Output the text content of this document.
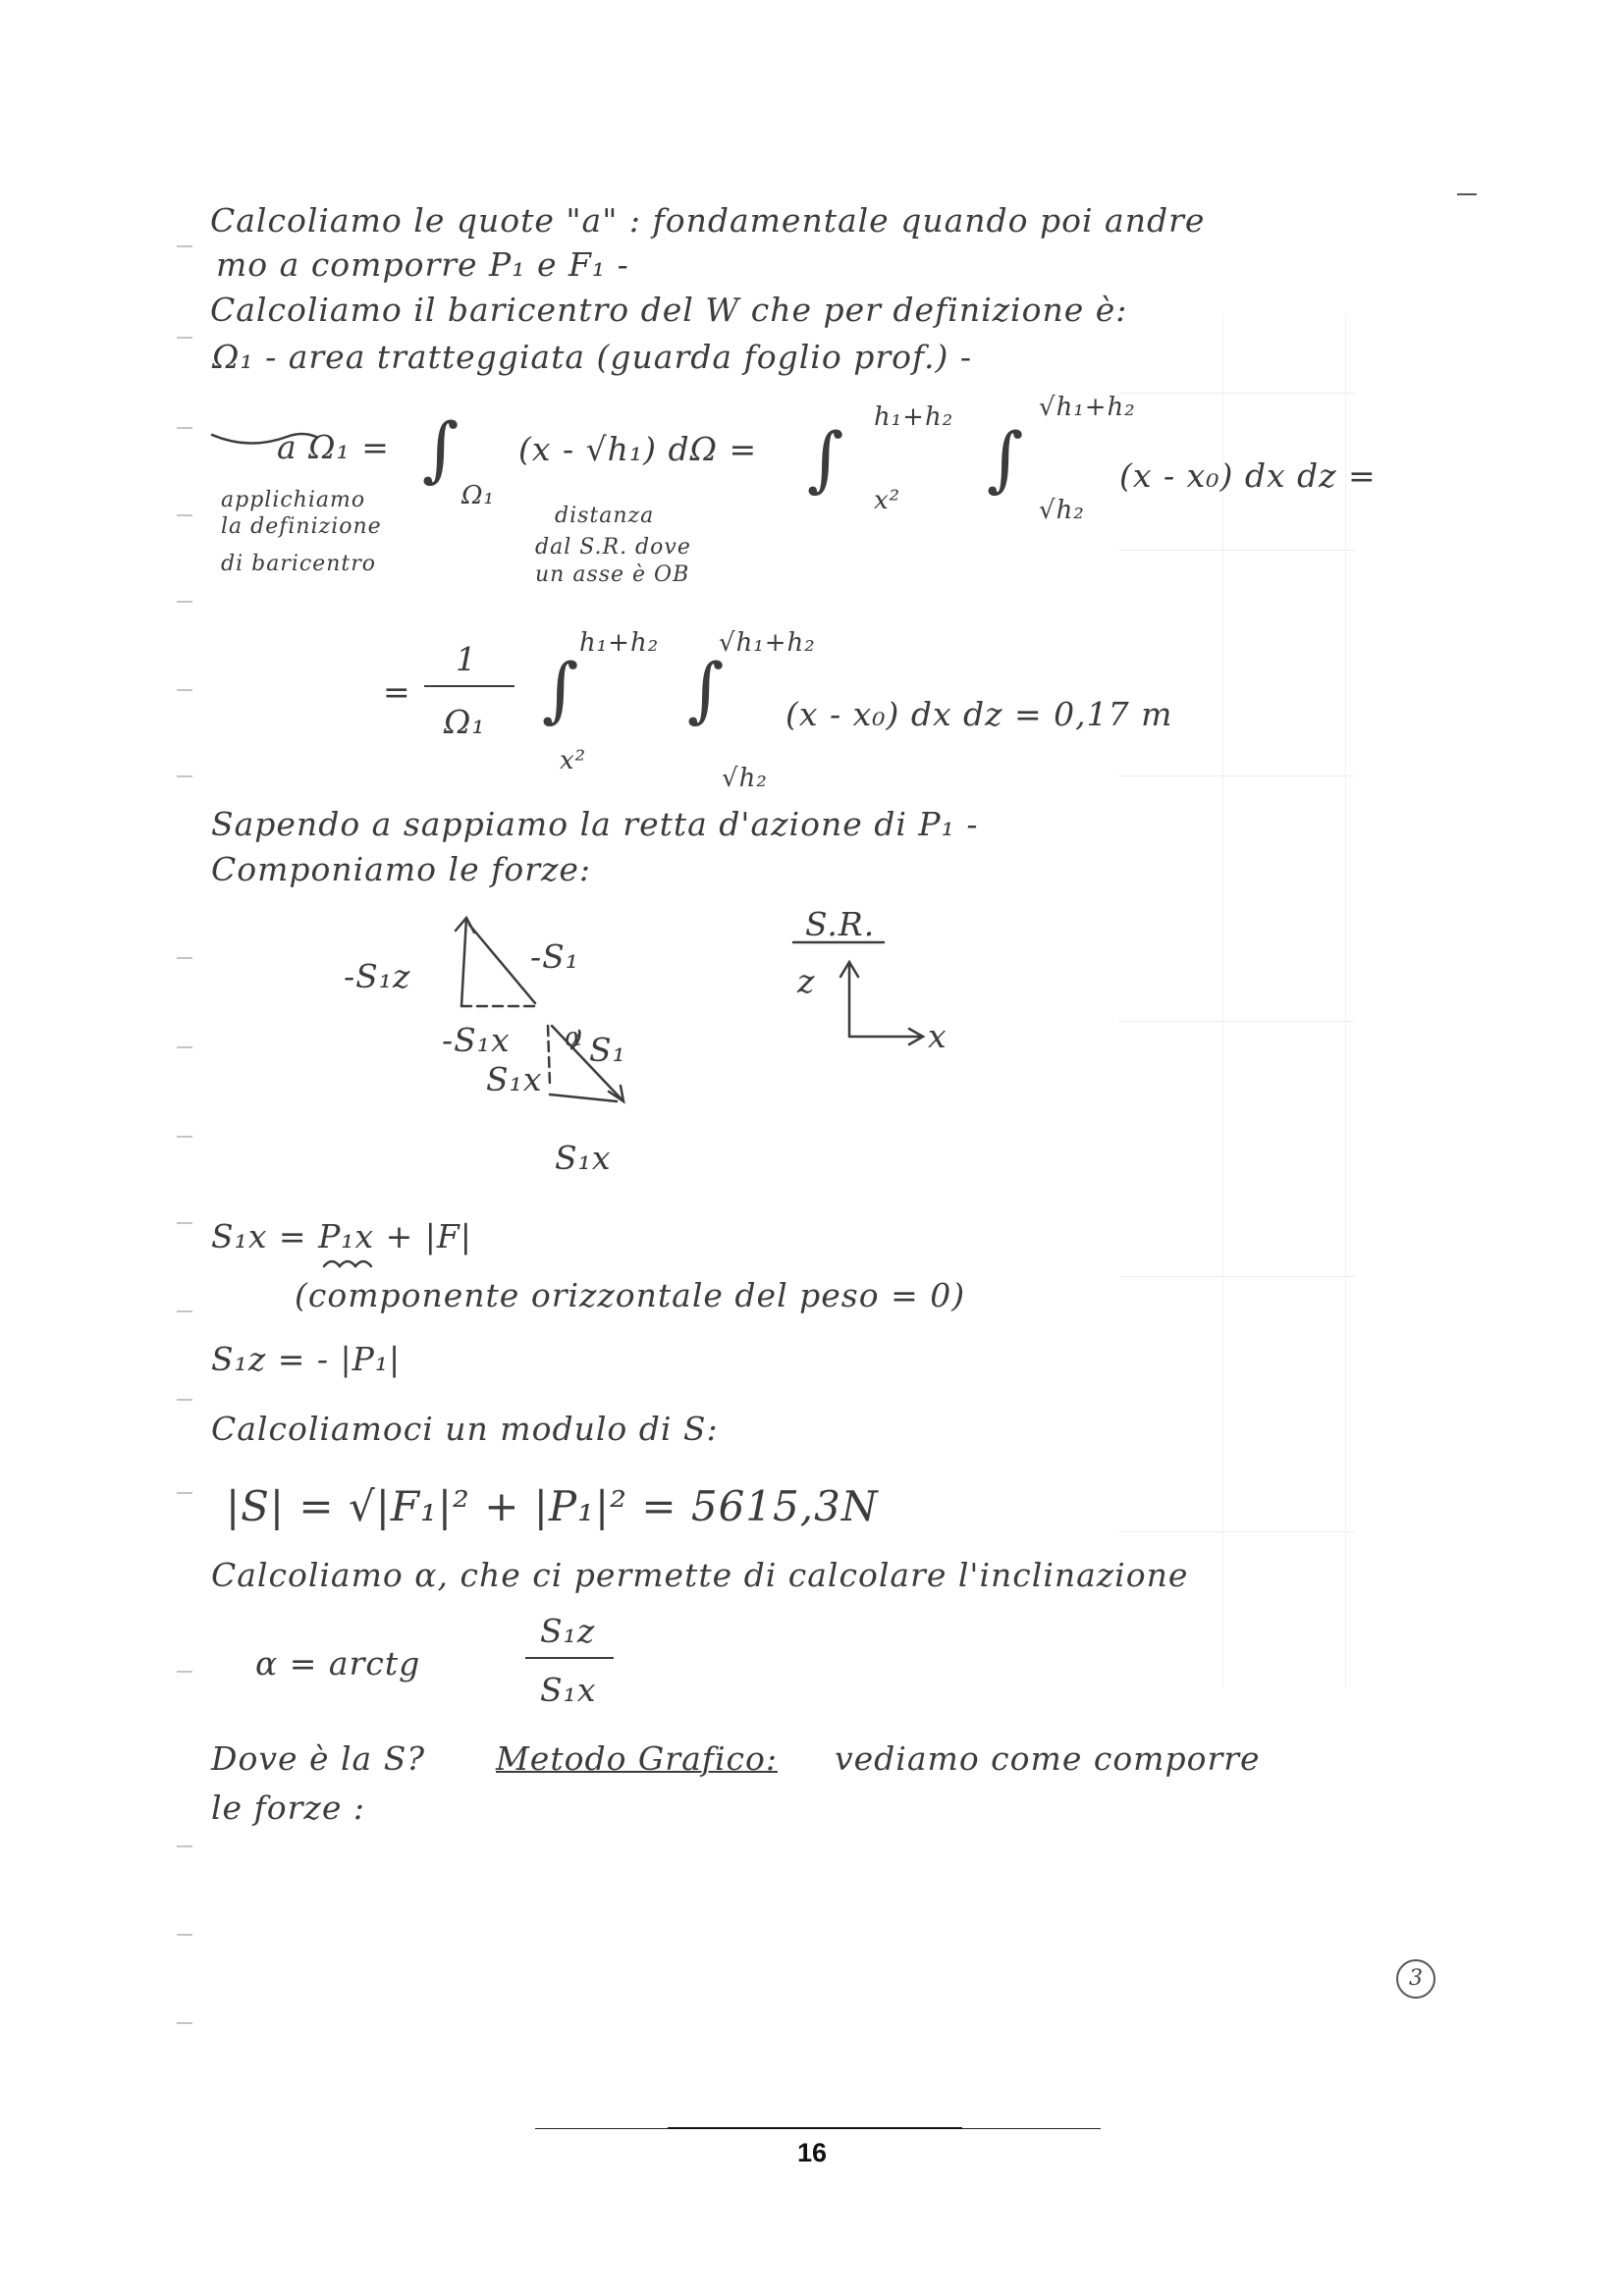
Calcoliamo le quote "a" : fondamentale quando poi andre
mo a comporre P₁ e F₁ -
Calcoliamo il baricentro del W che per definizione è:
Ω₁ - area tratteggiata (guarda foglio prof.) -
a Ω₁ = ∫
Ω₁
(x - √h₁) dΩ = ∫ h₁+h₂
x²
∫
√h₁+h₂
√h₂
(x - x₀) dx dz =
applichiamo
la definizione
di baricentro
distanza
dal S.R. dove
un asse è OB
=
1
Ω₁ ∫
h₁+h₂
x²
∫
√h₁+h₂
√h₂
(x - x₀) dx dz = 0,17 m
Sapendo a sappiamo la retta d'azione di P₁ -
Componiamo le forze:
-S₁z
-S₁
-S₁x S₁
α
S₁x
S₁x
S.R.
z
x
S₁x = P₁x + |F|
(componente orizzontale del peso = 0)
S₁z = - |P₁|
Calcoliamoci un modulo di S:
|S| = √|F₁|² + |P₁|² = 5615,3N
Calcoliamo α, che ci permette di calcolare l'inclinazione
α = arctg
S₁z
S₁x
Dove è la S? Metodo Grafico: vediamo come comporre
le forze :
3
16
